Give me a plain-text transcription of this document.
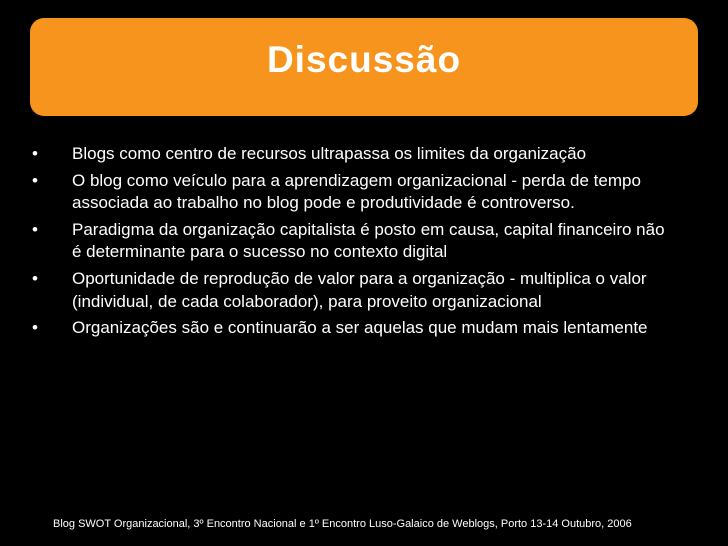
Discussão
• Blogs como centro de recursos ultrapassa os limites da organização
• O blog como veículo para a aprendizagem organizacional - perda de tempo associada ao trabalho no blog pode e produtividade é controverso.
• Paradigma da organização capitalista é posto em causa, capital financeiro não é determinante para o sucesso no contexto digital
• Oportunidade de reprodução de valor para a organização - multiplica o valor (individual, de cada colaborador), para proveito organizacional
• Organizações são e continuarão a ser aquelas que mudam mais lentamente
Blog SWOT Organizacional, 3º Encontro Nacional e 1º Encontro Luso-Galaico de Weblogs, Porto 13-14 Outubro, 2006
